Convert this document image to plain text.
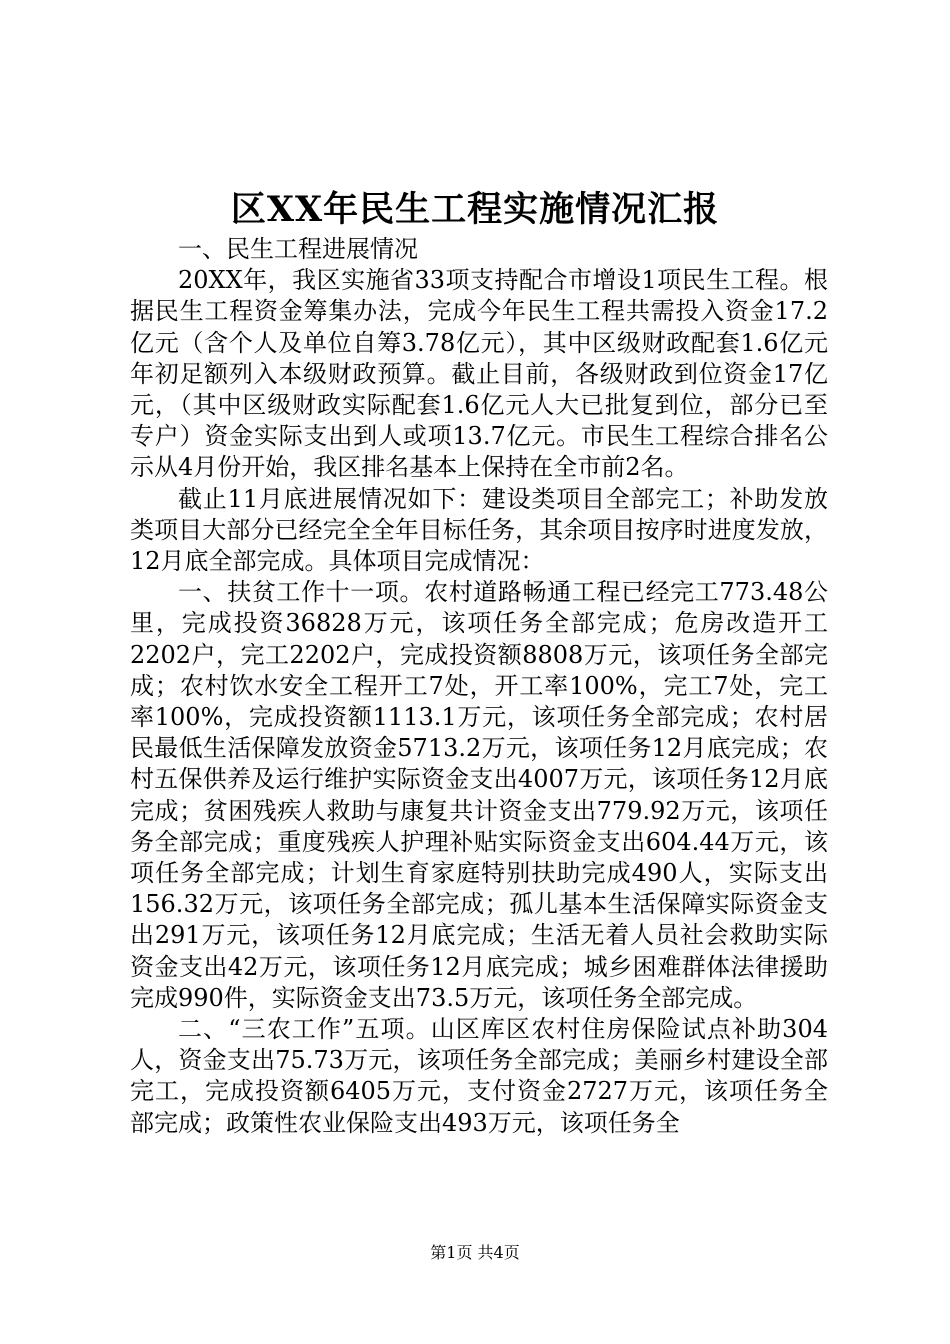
区XX年民生工程实施情况汇报

一、民生工程进展情况

20XX年，我区实施省33项支持配合市增设1项民生工程。根据民生工程资金筹集办法，完成今年民生工程共需投入资金17.2亿元（含个人及单位自筹3.78亿元），其中区级财政配套1.6亿元年初足额列入本级财政预算。截止目前，各级财政到位资金17亿元，（其中区级财政实际配套1.6亿元人大已批复到位，部分已至专户）资金实际支出到人或项13.7亿元。市民生工程综合排名公示从4月份开始，我区排名基本上保持在全市前2名。

截止11月底进展情况如下：建设类项目全部完工；补助发放类项目大部分已经完全全年目标任务，其余项目按序时进度发放，12月底全部完成。具体项目完成情况：

一、扶贫工作十一项。农村道路畅通工程已经完工773.48公里，完成投资36828万元，该项任务全部完成；危房改造开工2202户，完工2202户，完成投资额8808万元，该项任务全部完成；农村饮水安全工程开工7处，开工率100%，完工7处，完工率100%，完成投资额1113.1万元，该项任务全部完成；农村居民最低生活保障发放资金5713.2万元，该项任务12月底完成；农村五保供养及运行维护实际资金支出4007万元，该项任务12月底完成；贫困残疾人救助与康复共计资金支出779.92万元，该项任务全部完成；重度残疾人护理补贴实际资金支出604.44万元，该项任务全部完成；计划生育家庭特别扶助完成490人，实际支出156.32万元，该项任务全部完成；孤儿基本生活保障实际资金支出291万元，该项任务12月底完成；生活无着人员社会救助实际资金支出42万元，该项任务12月底完成；城乡困难群体法律援助完成990件，实际资金支出73.5万元，该项任务全部完成。

二、“三农工作”五项。山区库区农村住房保险试点补助304人，资金支出75.73万元，该项任务全部完成；美丽乡村建设全部完工，完成投资额6405万元，支付资金2727万元，该项任务全部完成；政策性农业保险支出493万元，该项任务全

第1页 共4页
